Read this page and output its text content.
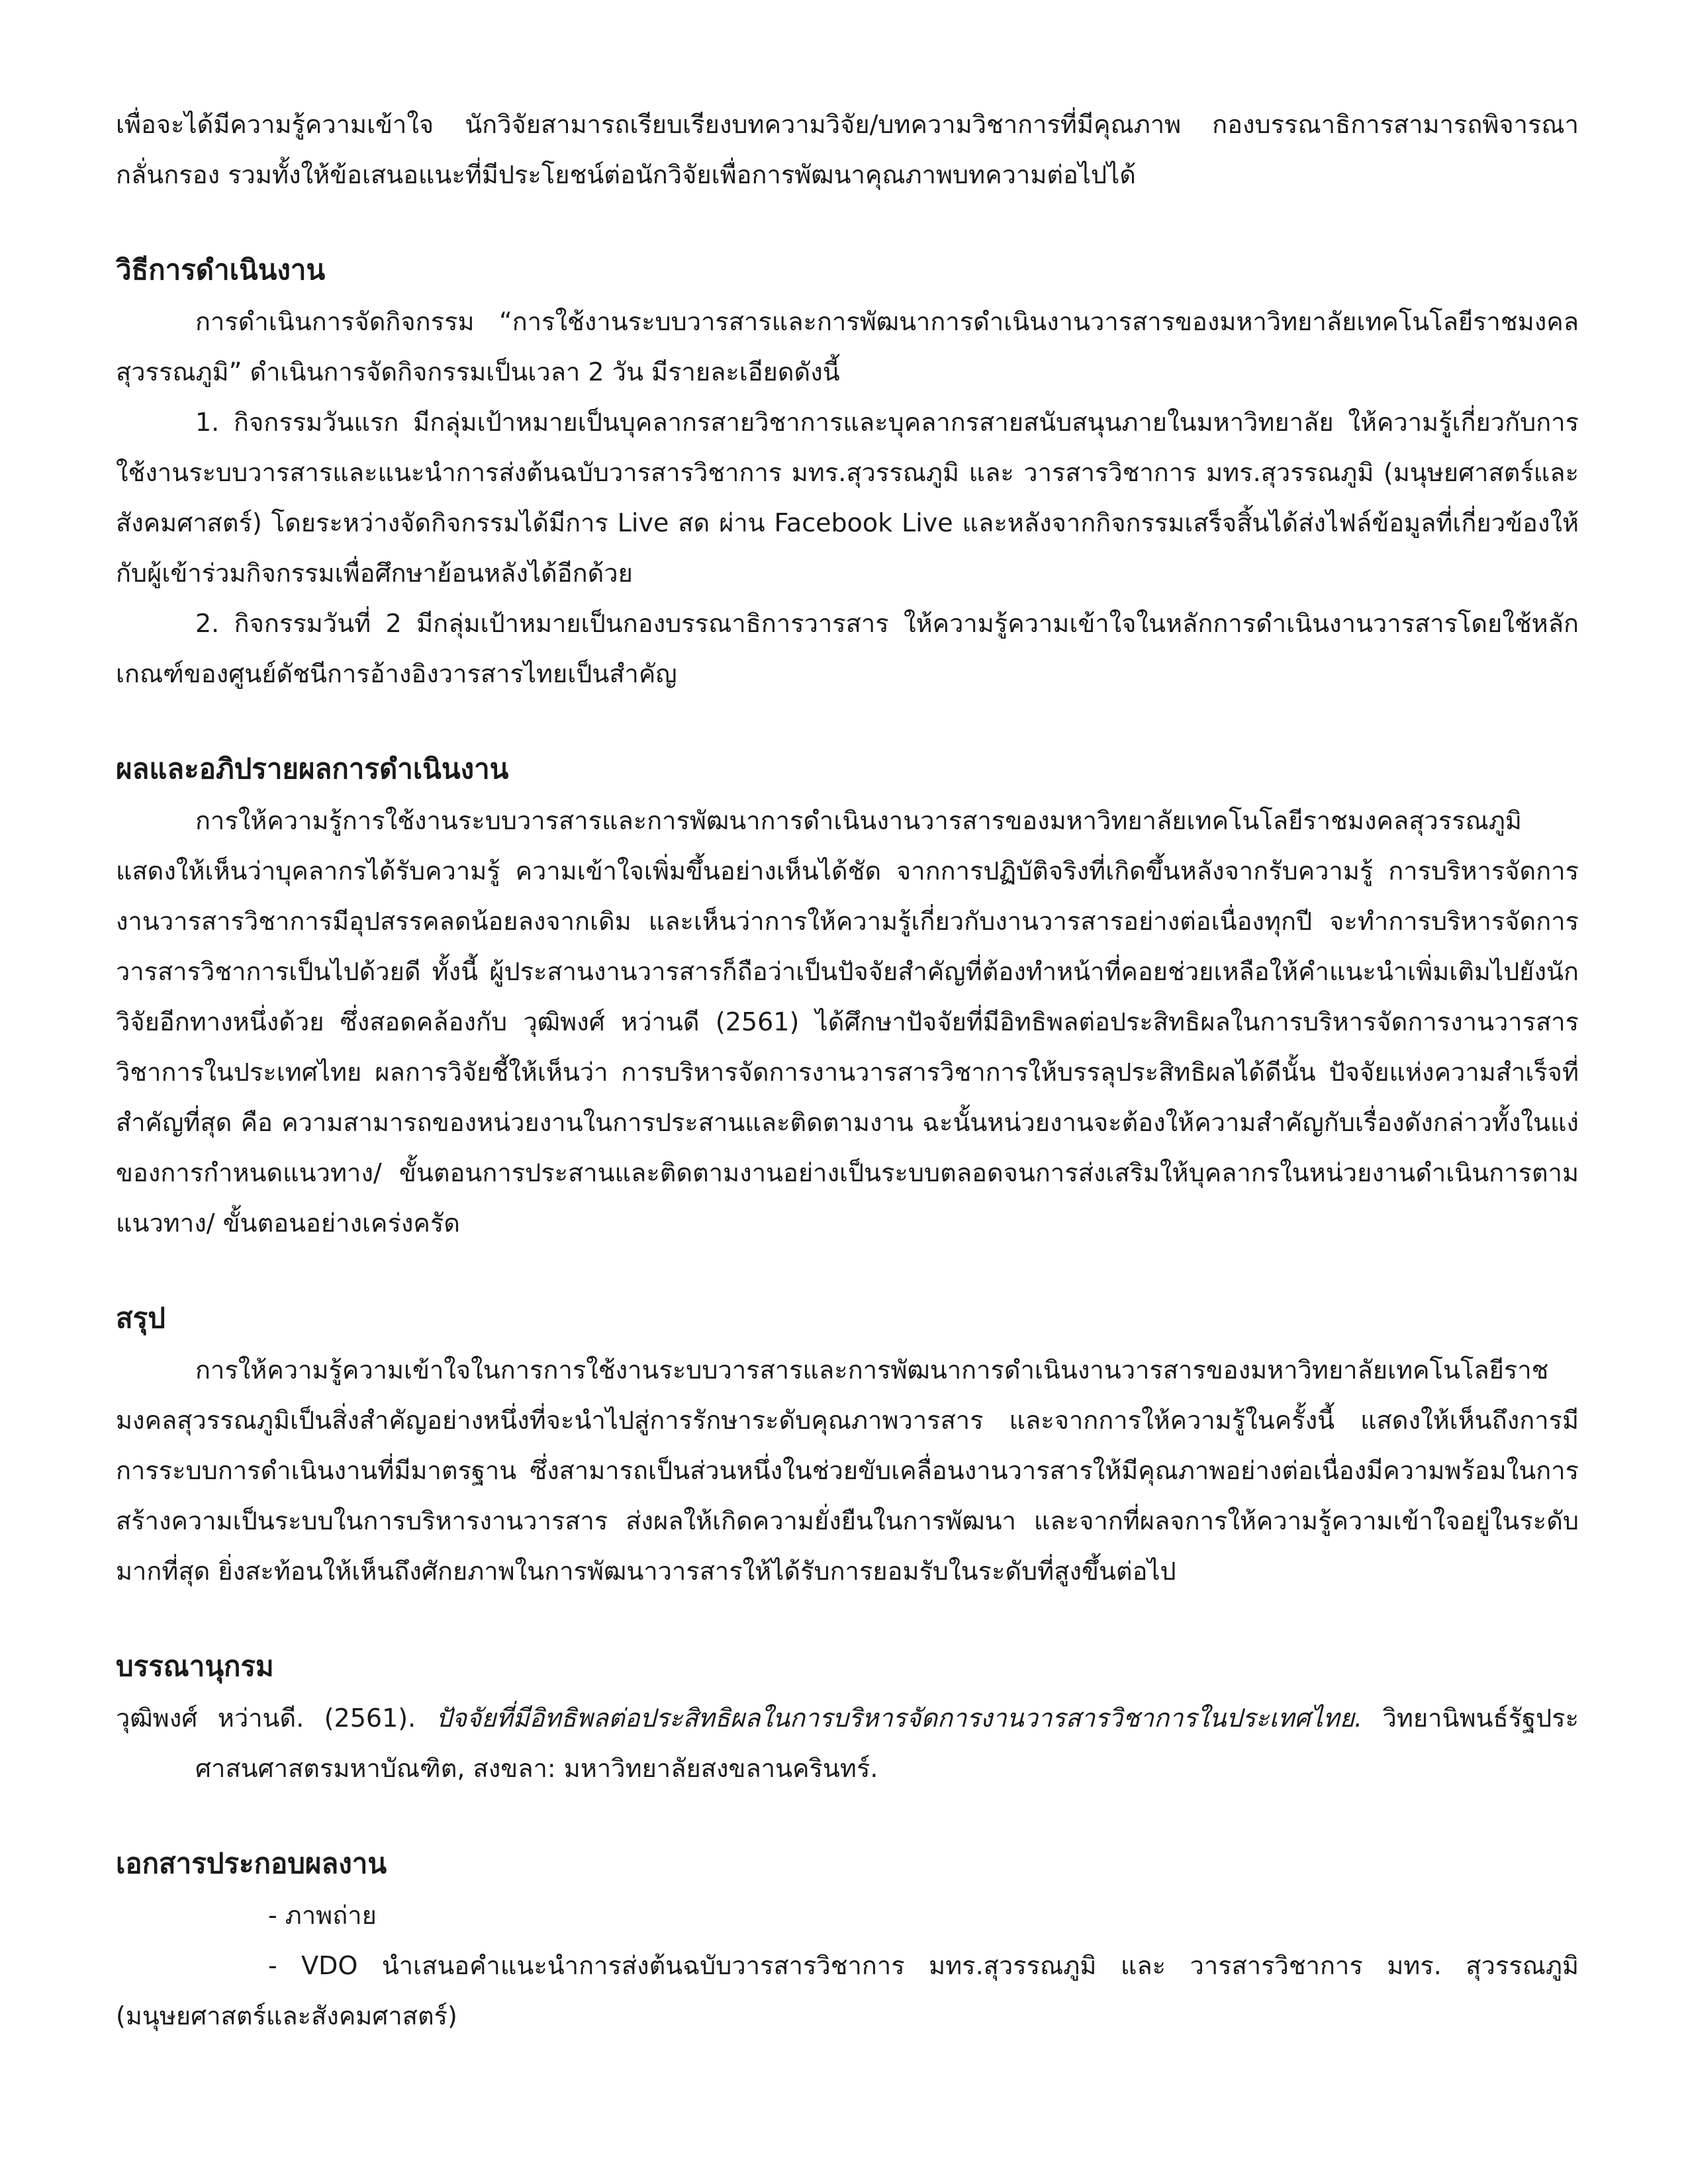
เพื่อจะได้มีความรู้ความเข้าใจ นักวิจัยสามารถเรียบเรียงบทความวิจัย/บทความวิชาการที่มีคุณภาพ กองบรรณาธิการสามารถพิจารณากลั่นกรอง รวมทั้งให้ข้อเสนอแนะที่มีประโยชน์ต่อนักวิจัยเพื่อการพัฒนาคุณภาพบทความต่อไปได้

วิธีการดำเนินงาน

การดำเนินการจัดกิจกรรม “การใช้งานระบบวารสารและการพัฒนาการดำเนินงานวารสารของมหาวิทยาลัยเทคโนโลยีราชมงคลสุวรรณภูมิ” ดำเนินการจัดกิจกรรมเป็นเวลา 2 วัน มีรายละเอียดดังนี้

1. กิจกรรมวันแรก มีกลุ่มเป้าหมายเป็นบุคลากรสายวิชาการและบุคลากรสายสนับสนุนภายในมหาวิทยาลัย ให้ความรู้เกี่ยวกับการใช้งานระบบวารสารและแนะนำการส่งต้นฉบับวารสารวิชาการ มทร.สุวรรณภูมิ และ วารสารวิชาการ มทร.สุวรรณภูมิ (มนุษยศาสตร์และสังคมศาสตร์) โดยระหว่างจัดกิจกรรมได้มีการ Live สด ผ่าน Facebook Live และหลังจากกิจกรรมเสร็จสิ้นได้ส่งไฟล์ข้อมูลที่เกี่ยวข้องให้กับผู้เข้าร่วมกิจกรรมเพื่อศึกษาย้อนหลังได้อีกด้วย

2. กิจกรรมวันที่ 2 มีกลุ่มเป้าหมายเป็นกองบรรณาธิการวารสาร ให้ความรู้ความเข้าใจในหลักการดำเนินงานวารสารโดยใช้หลักเกณฑ์ของศูนย์ดัชนีการอ้างอิงวารสารไทยเป็นสำคัญ

ผลและอภิปรายผลการดำเนินงาน

การให้ความรู้การใช้งานระบบวารสารและการพัฒนาการดำเนินงานวารสารของมหาวิทยาลัยเทคโนโลยีราชมงคลสุวรรณภูมิแสดงให้เห็นว่าบุคลากรได้รับความรู้ ความเข้าใจเพิ่มขึ้นอย่างเห็นได้ชัด จากการปฏิบัติจริงที่เกิดขึ้นหลังจากรับความรู้ การบริหารจัดการงานวารสารวิชาการมีอุปสรรคลดน้อยลงจากเดิม และเห็นว่าการให้ความรู้เกี่ยวกับงานวารสารอย่างต่อเนื่องทุกปี จะทำการบริหารจัดการวารสารวิชาการเป็นไปด้วยดี ทั้งนี้ ผู้ประสานงานวารสารก็ถือว่าเป็นปัจจัยสำคัญที่ต้องทำหน้าที่คอยช่วยเหลือให้คำแนะนำเพิ่มเติมไปยังนักวิจัยอีกทางหนึ่งด้วย ซึ่งสอดคล้องกับ วุฒิพงศ์ หว่านดี (2561) ได้ศึกษาปัจจัยที่มีอิทธิพลต่อประสิทธิผลในการบริหารจัดการงานวารสารวิชาการในประเทศไทย ผลการวิจัยชี้ให้เห็นว่า การบริหารจัดการงานวารสารวิชาการให้บรรลุประสิทธิผลได้ดีนั้น ปัจจัยแห่งความสำเร็จที่สำคัญที่สุด คือ ความสามารถของหน่วยงานในการประสานและติดตามงาน ฉะนั้นหน่วยงานจะต้องให้ความสำคัญกับเรื่องดังกล่าวทั้งในแง่ของการกำหนดแนวทาง/ ขั้นตอนการประสานและติดตามงานอย่างเป็นระบบตลอดจนการส่งเสริมให้บุคลากรในหน่วยงานดำเนินการตามแนวทาง/ ขั้นตอนอย่างเคร่งครัด

สรุป

การให้ความรู้ความเข้าใจในการการใช้งานระบบวารสารและการพัฒนาการดำเนินงานวารสารของมหาวิทยาลัยเทคโนโลยีราชมงคลสุวรรณภูมิเป็นสิ่งสำคัญอย่างหนึ่งที่จะนำไปสู่การรักษาระดับคุณภาพวารสาร และจากการให้ความรู้ในครั้งนี้ แสดงให้เห็นถึงการมีการระบบการดำเนินงานที่มีมาตรฐาน ซึ่งสามารถเป็นส่วนหนึ่งในช่วยขับเคลื่อนงานวารสารให้มีคุณภาพอย่างต่อเนื่องมีความพร้อมในการสร้างความเป็นระบบในการบริหารงานวารสาร ส่งผลให้เกิดความยั่งยืนในการพัฒนา และจากที่ผลจการให้ความรู้ความเข้าใจอยู่ในระดับมากที่สุด ยิ่งสะท้อนให้เห็นถึงศักยภาพในการพัฒนาวารสารให้ได้รับการยอมรับในระดับที่สูงขึ้นต่อไป

บรรณานุกรม

วุฒิพงศ์ หว่านดี. (2561). ปัจจัยที่มีอิทธิพลต่อประสิทธิผลในการบริหารจัดการงานวารสารวิชาการในประเทศไทย. วิทยานิพนธ์รัฐประศาสนศาสตรมหาบัณฑิต, สงขลา: มหาวิทยาลัยสงขลานครินทร์.

เอกสารประกอบผลงาน

- ภาพถ่าย

- VDO นำเสนอคำแนะนำการส่งต้นฉบับวารสารวิชาการ มทร.สุวรรณภูมิ และ วารสารวิชาการ มทร. สุวรรณภูมิ (มนุษยศาสตร์และสังคมศาสตร์)
